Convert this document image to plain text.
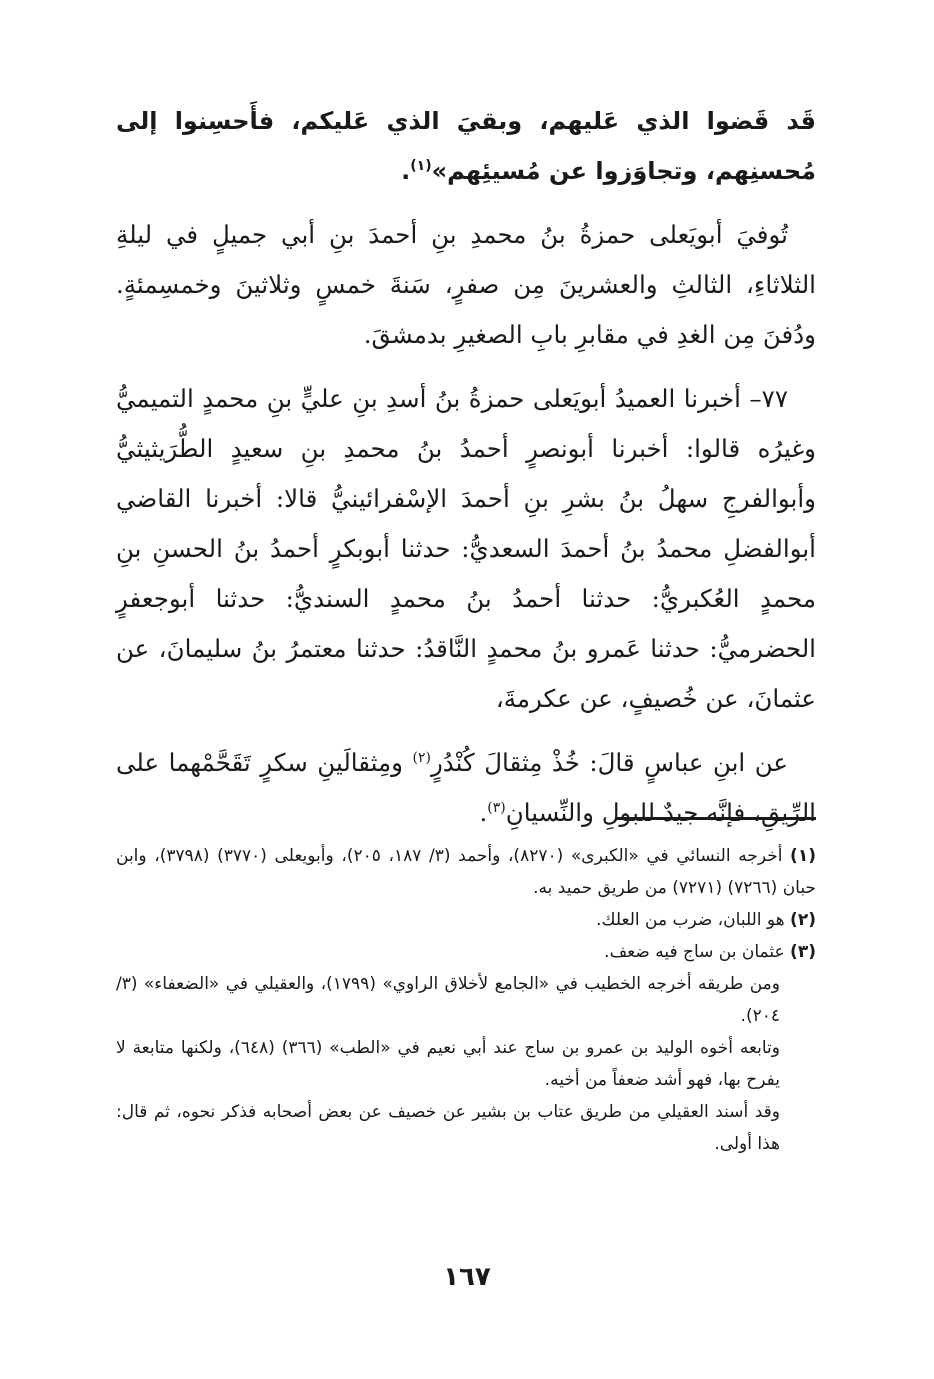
قَد قَضوا الذي عَليهم، وبقيَ الذي عَليكم، فأَحسِنوا إلى مُحسنِهم، وتجاوَزوا عن مُسيئِهم»$^{(١)}$.

تُوفيَ أبويَعلى حمزةُ بنُ محمدِ بنِ أحمدَ بنِ أبي جميلٍ في ليلةِ الثلاثاءِ، الثالثِ والعشرينَ مِن صفرٍ، سَنةَ خمسٍ وثلاثينَ وخمسِمئةٍ. ودُفنَ مِن الغدِ في مقابرِ بابِ الصغيرِ بدمشقَ.

٧٧– أخبرنا العميدُ أبويَعلى حمزةُ بنُ أسدِ بنِ عليٍّ بنِ محمدٍ التميميُّ وغيرُه قالوا: أخبرنا أبونصرٍ أحمدُ بنُ محمدِ بنِ سعيدٍ الطُّرَيثيثيُّ وأبوالفرجِ سهلُ بنُ بشرِ بنِ أحمدَ الإسْفرائينيُّ قالا: أخبرنا القاضي أبوالفضلِ محمدُ بنُ أحمدَ السعديُّ: حدثنا أبوبكرٍ أحمدُ بنُ الحسنِ بنِ محمدٍ العُكبريُّ: حدثنا أحمدُ بنُ محمدٍ السنديُّ: حدثنا أبوجعفرٍ الحضرميُّ: حدثنا عَمرو بنُ محمدٍ النَّاقدُ: حدثنا معتمرُ بنُ سليمانَ، عن عثمانَ، عن خُصيفٍ، عن عكرمةَ،

عن ابنِ عباسٍ قالَ: خُذْ مِثقالَ كُنْدُرٍ$^{(٢)}$ ومِثقالَينِ سكرٍ تَقَحَّمْهما على الرِّيقِ، فإنَّه جيدٌ للبولِ والنِّسيانِ$^{(٣)}$.

(١) أخرجه النسائي في «الكبرى» (٨٢٧٠)، وأحمد (٣/ ١٨٧، ٢٠٥)، وأبويعلى (٣٧٧٠) (٣٧٩٨)، وابن حبان (٧٢٦٦) (٧٢٧١) من طريق حميد به.

(٢) هو اللبان، ضرب من العلك.

(٣) عثمان بن ساج فيه ضعف.

ومن طريقه أخرجه الخطيب في «الجامع لأخلاق الراوي» (١٧٩٩)، والعقيلي في «الضعفاء» (٣/ ٢٠٤).

وتابعه أخوه الوليد بن عمرو بن ساج عند أبي نعيم في «الطب» (٣٦٦) (٦٤٨)، ولكنها متابعة لا يفرح بها، فهو أشد ضعفاً من أخيه.

وقد أسند العقيلي من طريق عتاب بن بشير عن خصيف عن بعض أصحابه فذكر نحوه، ثم قال: هذا أولى.

١٦٧
